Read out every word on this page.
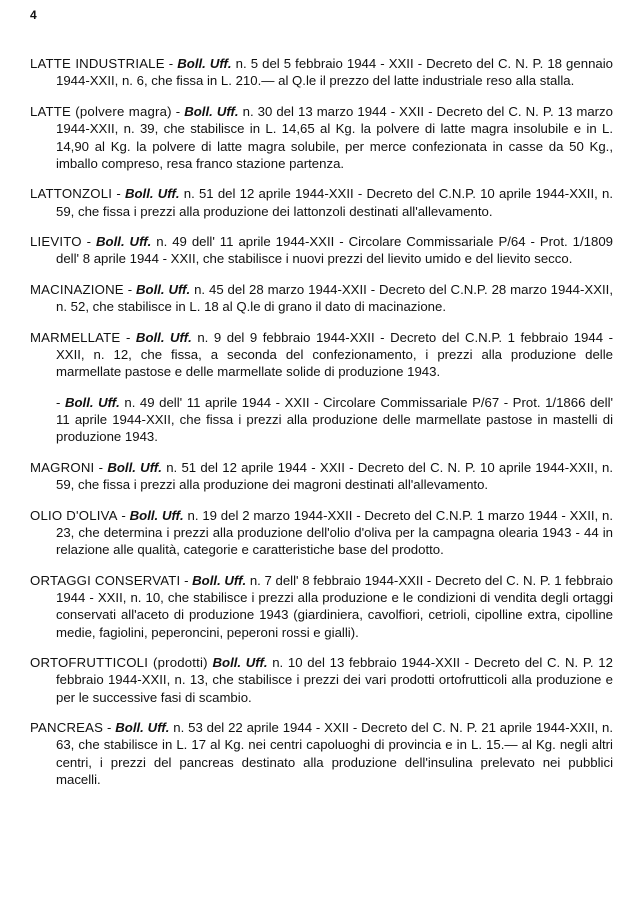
4

LATTE INDUSTRIALE - Boll. Uff. n. 5 del 5 febbraio 1944 - XXII - Decreto del C. N. P. 18 gennaio 1944-XXII, n. 6, che fissa in L. 210.— al Q.le il prezzo del latte industriale reso alla stalla.

LATTE (polvere magra) - Boll. Uff. n. 30 del 13 marzo 1944 - XXII - Decreto del C. N. P. 13 marzo 1944-XXII, n. 39, che stabilisce in L. 14,65 al Kg. la polvere di latte magra insolubile e in L. 14,90 al Kg. la polvere di latte magra solubile, per merce confezionata in casse da 50 Kg., imballo compreso, resa franco stazione partenza.

LATTONZOLI - Boll. Uff. n. 51 del 12 aprile 1944-XXII - Decreto del C.N.P. 10 aprile 1944-XXII, n. 59, che fissa i prezzi alla produzione dei lattonzoli destinati all'allevamento.

LIEVITO - Boll. Uff. n. 49 dell' 11 aprile 1944-XXII - Circolare Commissariale P/64 - Prot. 1/1809 dell' 8 aprile 1944 - XXII, che stabilisce i nuovi prezzi del lievito umido e del lievito secco.

MACINAZIONE - Boll. Uff. n. 45 del 28 marzo 1944-XXII - Decreto del C.N.P. 28 marzo 1944-XXII, n. 52, che stabilisce in L. 18 al Q.le di grano il dato di macinazione.

MARMELLATE - Boll. Uff. n. 9 del 9 febbraio 1944-XXII - Decreto del C.N.P. 1 febbraio 1944 - XXII, n. 12, che fissa, a seconda del confezionamento, i prezzi alla produzione delle marmellate pastose e delle marmellate solide di produzione 1943.

- Boll. Uff. n. 49 dell' 11 aprile 1944 - XXII - Circolare Commissariale P/67 - Prot. 1/1866 dell' 11 aprile 1944-XXII, che fissa i prezzi alla produzione delle marmellate pastose in mastelli di produzione 1943.

MAGRONI - Boll. Uff. n. 51 del 12 aprile 1944 - XXII - Decreto del C. N. P. 10 aprile 1944-XXII, n. 59, che fissa i prezzi alla produzione dei magroni destinati all'allevamento.

OLIO D'OLIVA - Boll. Uff. n. 19 del 2 marzo 1944-XXII - Decreto del C.N.P. 1 marzo 1944 - XXII, n. 23, che determina i prezzi alla produzione dell'olio d'oliva per la campagna olearia 1943 - 44 in relazione alle qualità, categorie e caratteristiche base del prodotto.

ORTAGGI CONSERVATI - Boll. Uff. n. 7 dell' 8 febbraio 1944-XXII - Decreto del C. N. P. 1 febbraio 1944 - XXII, n. 10, che stabilisce i prezzi alla produzione e le condizioni di vendita degli ortaggi conservati all'aceto di produzione 1943 (giardiniera, cavolfiori, cetrioli, cipolline extra, cipolline medie, fagiolini, peperoncini, peperoni rossi e gialli).

ORTOFRUTTICOLI (prodotti) Boll. Uff. n. 10 del 13 febbraio 1944-XXII - Decreto del C. N. P. 12 febbraio 1944-XXII, n. 13, che stabilisce i prezzi dei vari prodotti ortofrutticoli alla produzione e per le successive fasi di scambio.

PANCREAS - Boll. Uff. n. 53 del 22 aprile 1944 - XXII - Decreto del C. N. P. 21 aprile 1944-XXII, n. 63, che stabilisce in L. 17 al Kg. nei centri capoluoghi di provincia e in L. 15.— al Kg. negli altri centri, i prezzi del pancreas destinato alla produzione dell'insulina prelevato nei pubblici macelli.
